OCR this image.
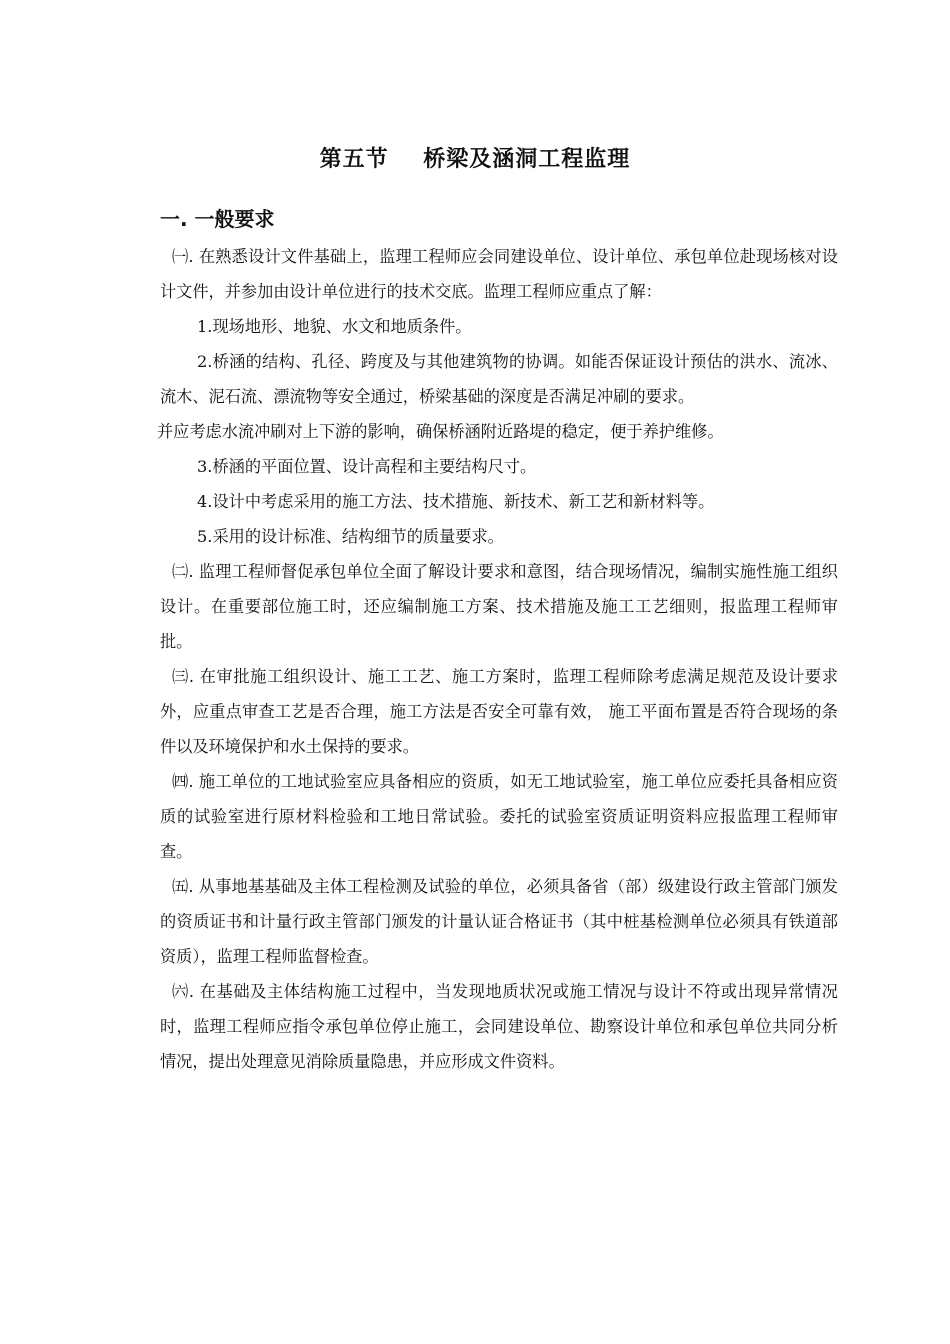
第五节    桥梁及涵洞工程监理
一. 一般要求

㈠. 在熟悉设计文件基础上，监理工程师应会同建设单位、设计单位、承包单位赴现场核对设计文件，并参加由设计单位进行的技术交底。监理工程师应重点了解：

1.现场地形、地貌、水文和地质条件。

2.桥涵的结构、孔径、跨度及与其他建筑物的协调。如能否保证设计预估的洪水、流冰、流木、泥石流、漂流物等安全通过，桥梁基础的深度是否满足冲刷的要求。

并应考虑水流冲刷对上下游的影响，确保桥涵附近路堤的稳定，便于养护维修。

3.桥涵的平面位置、设计高程和主要结构尺寸。

4.设计中考虑采用的施工方法、技术措施、新技术、新工艺和新材料等。

5.采用的设计标准、结构细节的质量要求。

㈡. 监理工程师督促承包单位全面了解设计要求和意图，结合现场情况，编制实施性施工组织设计。在重要部位施工时，还应编制施工方案、技术措施及施工工艺细则，报监理工程师审批。

㈢. 在审批施工组织设计、施工工艺、施工方案时，监理工程师除考虑满足规范及设计要求外，应重点审查工艺是否合理，施工方法是否安全可靠有效， 施工平面布置是否符合现场的条件以及环境保护和水土保持的要求。

㈣. 施工单位的工地试验室应具备相应的资质，如无工地试验室，施工单位应委托具备相应资质的试验室进行原材料检验和工地日常试验。委托的试验室资质证明资料应报监理工程师审查。

㈤. 从事地基基础及主体工程检测及试验的单位，必须具备省（部）级建设行政主管部门颁发的资质证书和计量行政主管部门颁发的计量认证合格证书（其中桩基检测单位必须具有铁道部资质），监理工程师监督检查。

㈥. 在基础及主体结构施工过程中，当发现地质状况或施工情况与设计不符或出现异常情况时，监理工程师应指令承包单位停止施工，会同建设单位、勘察设计单位和承包单位共同分析情况，提出处理意见消除质量隐患，并应形成文件资料。
